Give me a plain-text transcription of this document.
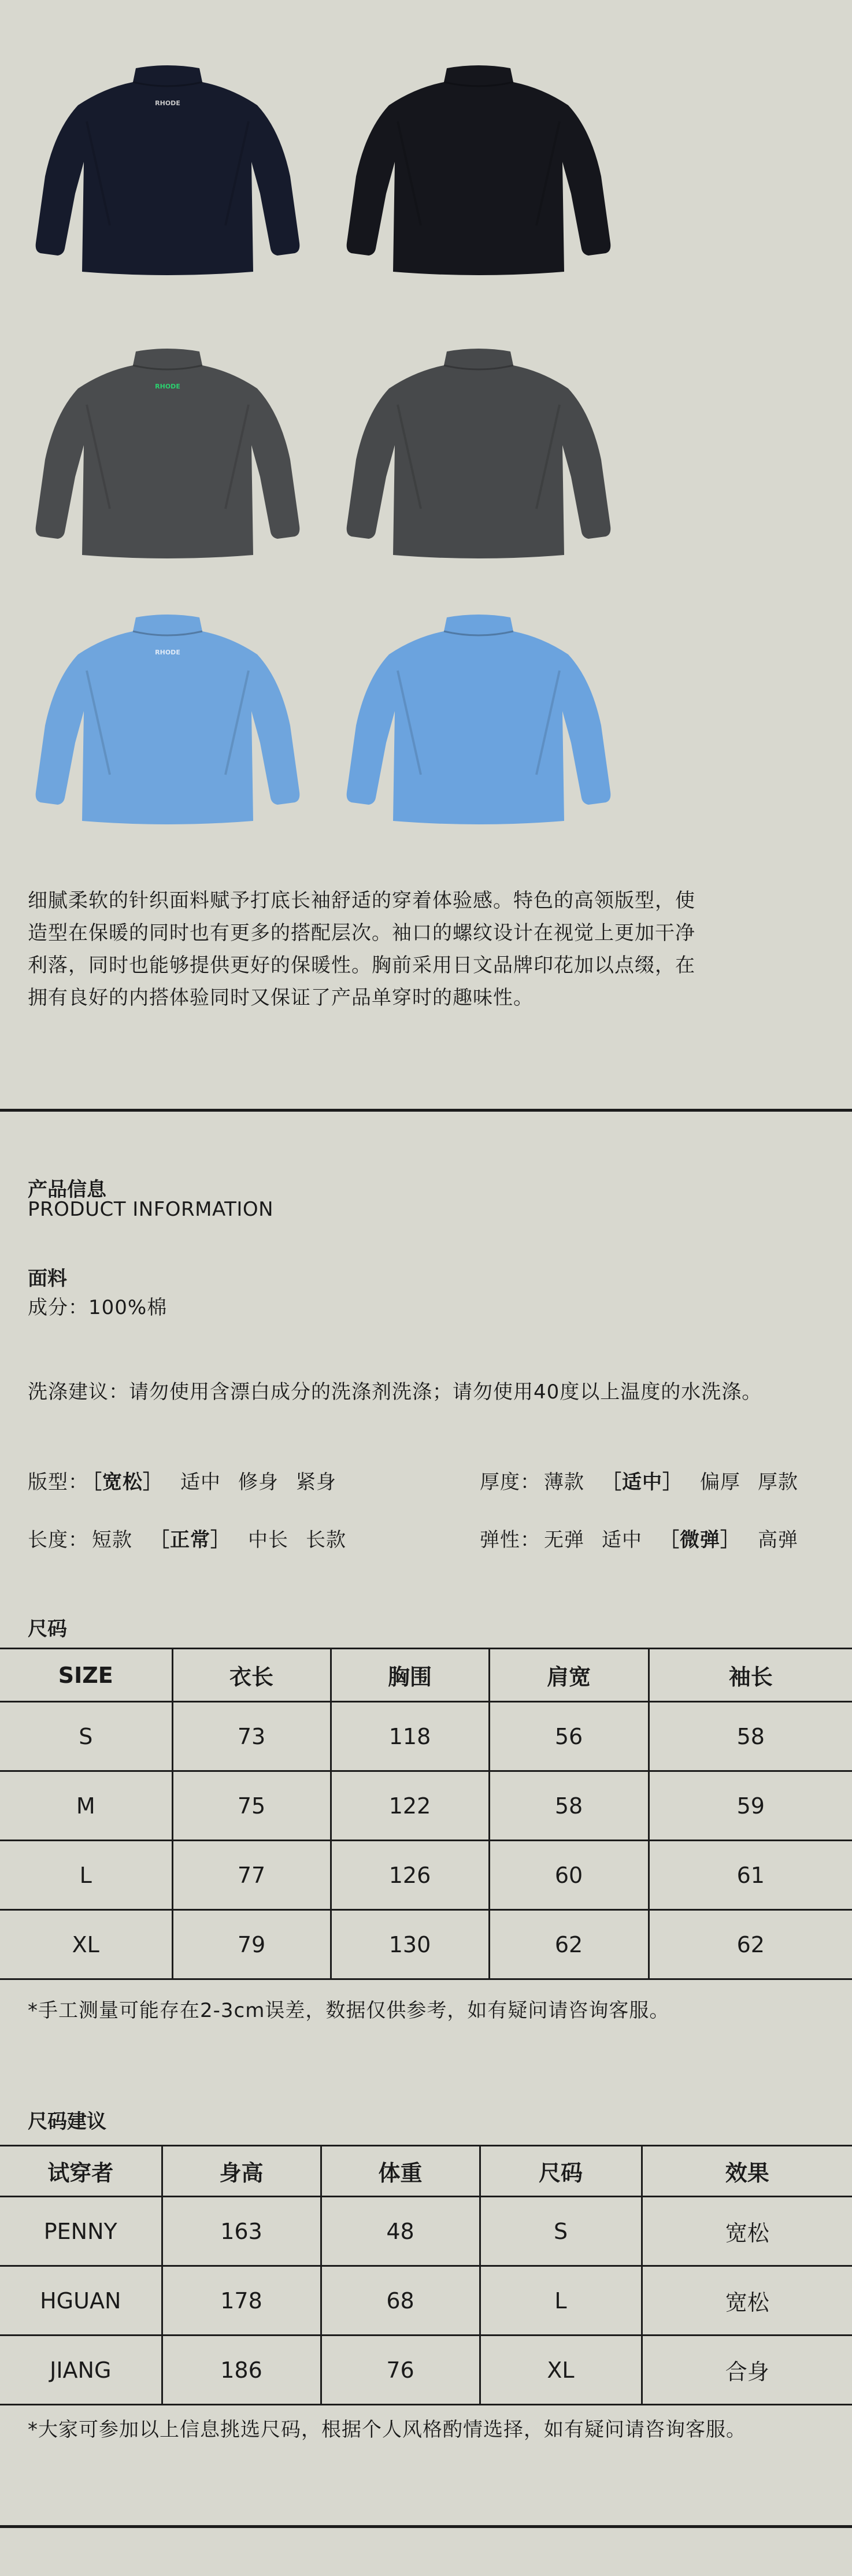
RHODE
RHODE
RHODE
细腻柔软的针织面料赋予打底长袖舒适的穿着体验感。特色的高领版型，使造型在保暖的同时也有更多的搭配层次。袖口的螺纹设计在视觉上更加干净利落，同时也能够提供更好的保暖性。胸前采用日文品牌印花加以点缀，在拥有良好的内搭体验同时又保证了产品单穿时的趣味性。
产品信息
PRODUCT INFORMATION
面料
成分：100%棉
洗涤建议：请勿使用含漂白成分的洗涤剂洗涤；请勿使用40度以上温度的水洗涤。
版型： ［ 宽松 ］ 适中 修身 紧身	厚度： 薄款 ［ 适中 ］ 偏厚 厚款
长度： 短款 ［ 正常 ］ 中长 长款	弹性： 无弹 适中 ［ 微弹 ］ 高弹
尺码
SIZE	衣长	胸围	肩宽	袖长
S	73	118	56	58
M	75	122	58	59
L	77	126	60	61
XL	79	130	62	62
*手工测量可能存在2-3cm误差，数据仅供参考，如有疑问请咨询客服。
尺码建议
试穿者	身高	体重	尺码	效果
PENNY	163	48	S	宽松
HGUAN	178	68	L	宽松
JIANG	186	76	XL	合身
*大家可参加以上信息挑选尺码，根据个人风格酌情选择，如有疑问请咨询客服。
